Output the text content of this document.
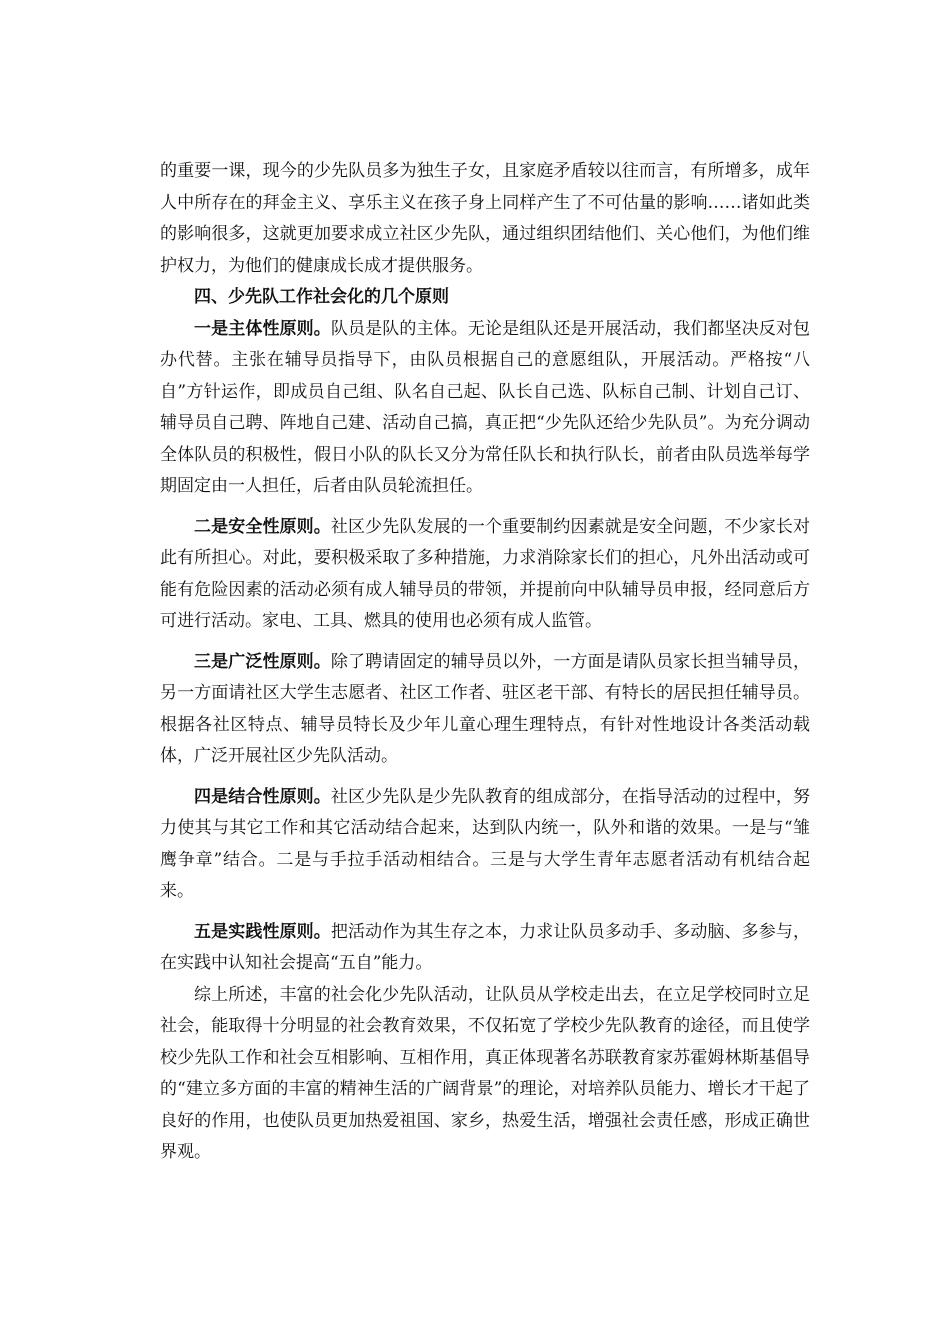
的重要一课，现今的少先队员多为独生子女，且家庭矛盾较以往而言，有所增多，成年人中所存在的拜金主义、享乐主义在孩子身上同样产生了不可估量的影响……诸如此类的影响很多，这就更加要求成立社区少先队，通过组织团结他们、关心他们，为他们维护权力，为他们的健康成长成才提供服务。

四、少先队工作社会化的几个原则

一是主体性原则。队员是队的主体。无论是组队还是开展活动，我们都坚决反对包办代替。主张在辅导员指导下，由队员根据自己的意愿组队，开展活动。严格按“八自”方针运作，即成员自己组、队名自己起、队长自己选、队标自己制、计划自己订、辅导员自己聘、阵地自己建、活动自己搞，真正把“少先队还给少先队员”。为充分调动全体队员的积极性，假日小队的队长又分为常任队长和执行队长，前者由队员选举每学期固定由一人担任，后者由队员轮流担任。

二是安全性原则。社区少先队发展的一个重要制约因素就是安全问题，不少家长对此有所担心。对此，要积极采取了多种措施，力求消除家长们的担心，凡外出活动或可能有危险因素的活动必须有成人辅导员的带领，并提前向中队辅导员申报，经同意后方可进行活动。家电、工具、燃具的使用也必须有成人监管。

三是广泛性原则。除了聘请固定的辅导员以外，一方面是请队员家长担当辅导员，另一方面请社区大学生志愿者、社区工作者、驻区老干部、有特长的居民担任辅导员。根据各社区特点、辅导员特长及少年儿童心理生理特点，有针对性地设计各类活动载体，广泛开展社区少先队活动。

四是结合性原则。社区少先队是少先队教育的组成部分，在指导活动的过程中，努力使其与其它工作和其它活动结合起来，达到队内统一，队外和谐的效果。一是与“雏鹰争章”结合。二是与手拉手活动相结合。三是与大学生青年志愿者活动有机结合起来。

五是实践性原则。把活动作为其生存之本，力求让队员多动手、多动脑、多参与，在实践中认知社会提高“五自”能力。

综上所述，丰富的社会化少先队活动，让队员从学校走出去，在立足学校同时立足社会，能取得十分明显的社会教育效果，不仅拓宽了学校少先队教育的途径，而且使学校少先队工作和社会互相影响、互相作用，真正体现著名苏联教育家苏霍姆林斯基倡导的“建立多方面的丰富的精神生活的广阔背景”的理论，对培养队员能力、增长才干起了良好的作用，也使队员更加热爱祖国、家乡，热爱生活，增强社会责任感，形成正确世界观。
